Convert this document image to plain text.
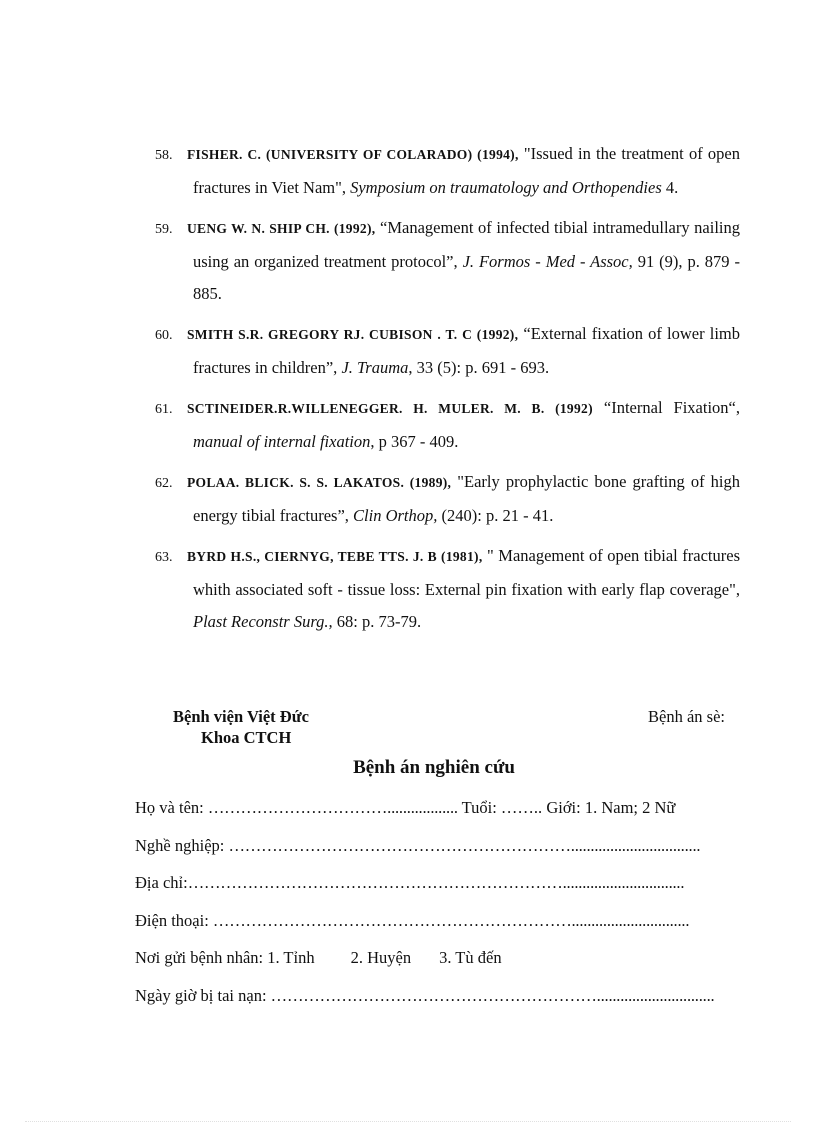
58. FISHER. C. (UNIVERSITY OF COLARADO) (1994), "Issued in the treatment of open fractures in Viet Nam", Symposium on traumatology and Orthopendies 4.
59. UENG W. N. SHIP CH. (1992), “Management of infected tibial intramedullary nailing using an organized treatment protocol”, J. Formos - Med - Assoc, 91 (9), p. 879 - 885.
60. SMITH S.R. GREGORY RJ. CUBISON . T. C (1992), “External fixation of lower limb fractures in children”, J. Trauma, 33 (5): p. 691 - 693.
61. SCTINEIDER.R.WILLENEGGER. H. MULER. M. B. (1992) “Internal Fixation“, manual of internal fixation, p 367 - 409.
62. POLAA. BLICK. S. S. LAKATOS. (1989), "Early prophylactic bone grafting of high energy tibial fractures”, Clin Orthop, (240): p. 21 - 41.
63. BYRD H.S., CIERNYG, TEBE TTS. J. B (1981), " Management of open tibial fractures whith associated soft - tissue loss: External pin fixation with early flap coverage", Plast Reconstr Surg., 68: p. 73-79.
Bệnh viện Việt Đức
Khoa CTCH
Bệnh án sè:
Bệnh án nghiên cứu
Họ và tên: …………………………….................. Tuổi: …….. Giới: 1. Nam; 2 Nữ
Nghề nghiệp: ……………………………………………………….................................
Địa chỉ:……………………………………………………………...............................
Điện thoại: …………………………………………………………..............................
Nơi gửi bệnh nhân: 1. Tỉnh 2. Huyện 3. Tù đến
Ngày giờ bị tai nạn: ……………………………………………………..............................
